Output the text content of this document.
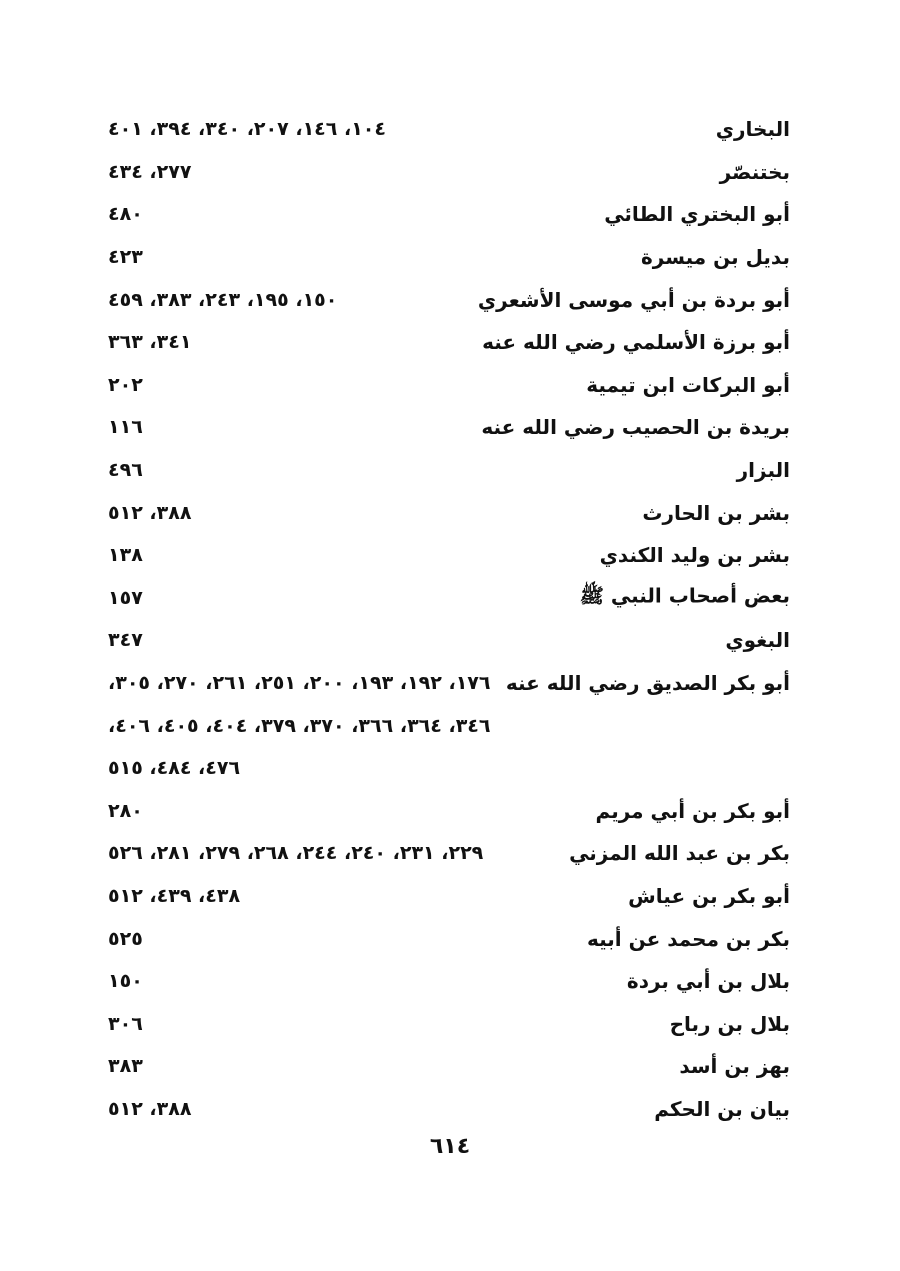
البخاري
١٠٤، ١٤٦، ٢٠٧، ٣٤٠، ٣٩٤، ٤٠١
بختنصّر
٢٧٧، ٤٣٤
أبو البختري الطائي
٤٨٠
بديل بن ميسرة
٤٢٣
أبو بردة بن أبي موسى الأشعري
١٥٠، ١٩٥، ٢٤٣، ٣٨٣، ٤٥٩
أبو برزة الأسلمي رضي الله عنه
٣٤١، ٣٦٣
أبو البركات ابن تيمية
٢٠٢
بريدة بن الحصيب رضي الله عنه
١١٦
البزار
٤٩٦
بشر بن الحارث
٣٨٨، ٥١٢
بشر بن وليد الكندي
١٣٨
بعض أصحاب النبي ﷺ
١٥٧
البغوي
٣٤٧
أبو بكر الصديق رضي الله عنه
١٧٦، ١٩٢، ١٩٣، ٢٠٠، ٢٥١، ٢٦١، ٢٧٠، ٣٠٥،
٣٤٦، ٣٦٤، ٣٦٦، ٣٧٠، ٣٧٩، ٤٠٤، ٤٠٥، ٤٠٦،
٤٧٦، ٤٨٤، ٥١٥
أبو بكر بن أبي مريم
٢٨٠
بكر بن عبد الله المزني
٢٢٩، ٢٣١، ٢٤٠، ٢٤٤، ٢٦٨، ٢٧٩، ٢٨١، ٥٢٦
أبو بكر بن عياش
٤٣٨، ٤٣٩، ٥١٢
بكر بن محمد عن أبيه
٥٢٥
بلال بن أبي بردة
١٥٠
بلال بن رباح
٣٠٦
بهز بن أسد
٣٨٣
بيان بن الحكم
٣٨٨، ٥١٢
٦١٤
